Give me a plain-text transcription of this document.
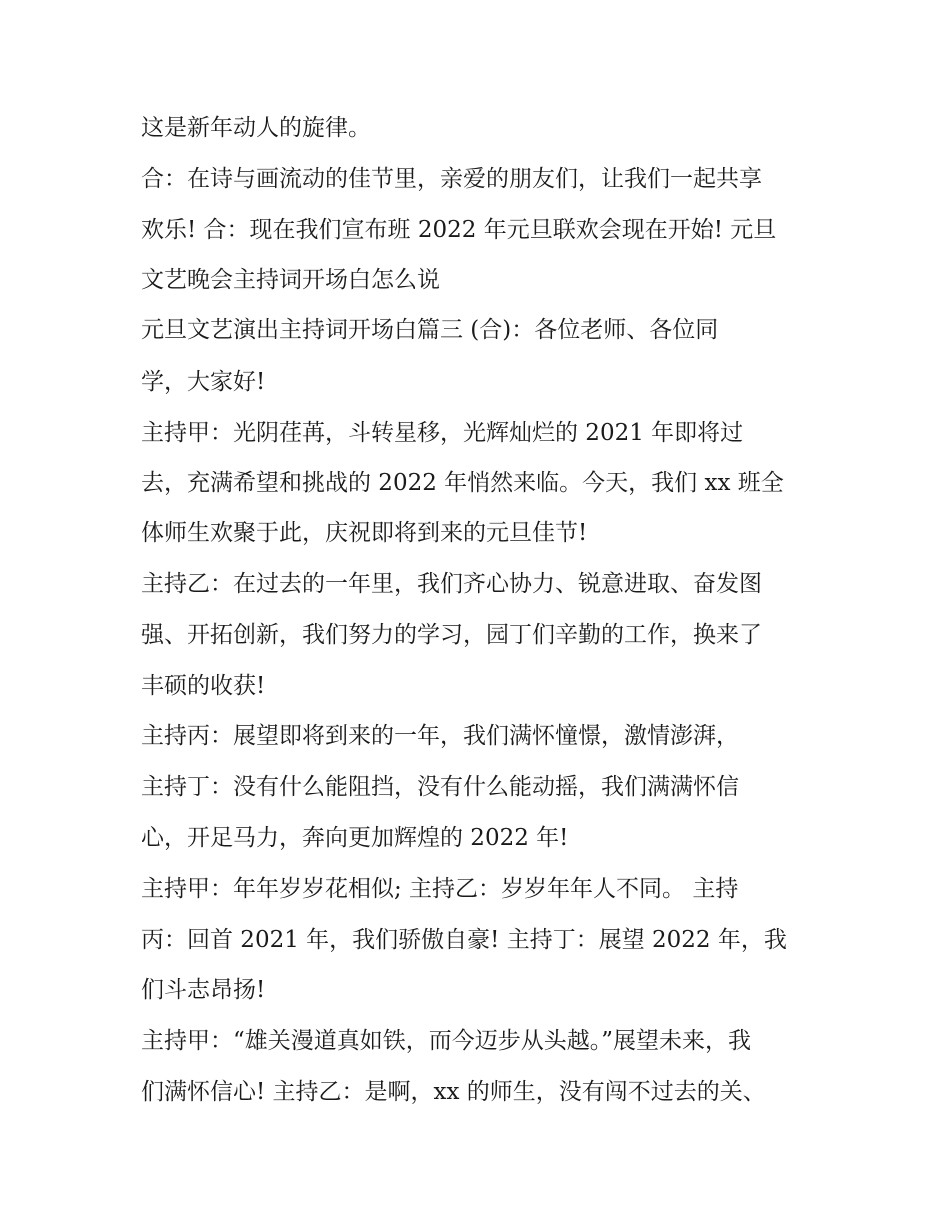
这是新年动人的旋律。
合：在诗与画流动的佳节里，亲爱的朋友们，让我们一起共享
欢乐! 合：现在我们宣布班 2022 年元旦联欢会现在开始! 元旦
文艺晚会主持词开场白怎么说
元旦文艺演出主持词开场白篇三 (合)：各位老师、各位同
学，大家好!
主持甲：光阴荏苒，斗转星移，光辉灿烂的 2021 年即将过
去，充满希望和挑战的 2022 年悄然来临。今天，我们 xx 班全
体师生欢聚于此，庆祝即将到来的元旦佳节!
主持乙：在过去的一年里，我们齐心协力、锐意进取、奋发图
强、开拓创新，我们努力的学习，园丁们辛勤的工作，换来了
丰硕的收获!
主持丙：展望即将到来的一年，我们满怀憧憬，激情澎湃，
主持丁：没有什么能阻挡，没有什么能动摇，我们满满怀信
心，开足马力，奔向更加辉煌的 2022 年!
主持甲：年年岁岁花相似; 主持乙：岁岁年年人不同。 主持
丙：回首 2021 年，我们骄傲自豪! 主持丁：展望 2022 年，我
们斗志昂扬!
主持甲：“雄关漫道真如铁，而今迈步从头越。”展望未来，我
们满怀信心! 主持乙：是啊，xx 的师生，没有闯不过去的关、
